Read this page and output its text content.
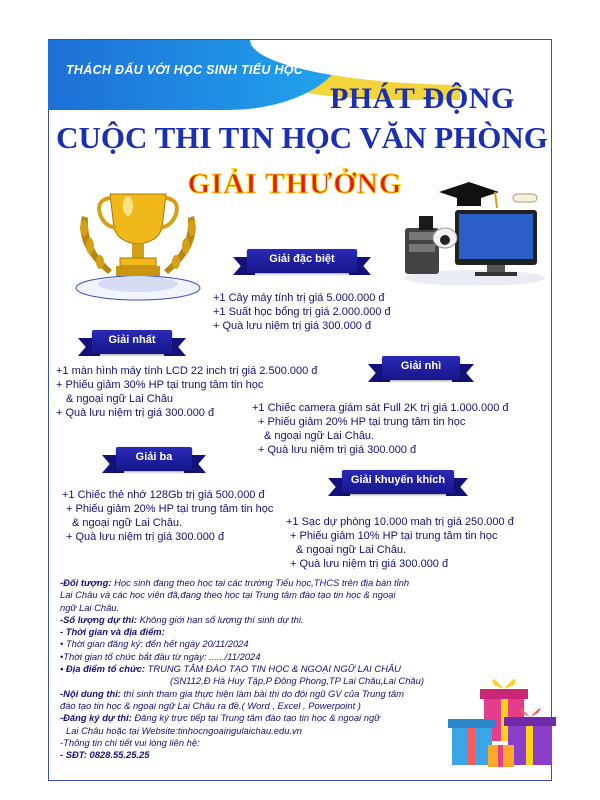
THÁCH ĐẤU VỚI HỌC SINH TIỂU HỌC
PHÁT ĐỘNG
CUỘC THI TIN HỌC VĂN PHÒNG
GIẢI THƯỞNG
Giải đặc biệt
+1 Cây máy tính trị giá 5.000.000 đ
+1 Suất học bổng trị giá 2.000.000 đ
+ Quà lưu niệm trị giá 300.000 đ
Giải nhất
+1 màn hình máy tính LCD 22 inch trị giá 2.500.000 đ
+ Phiếu giảm 30% HP tại trung tâm tin học
& ngoại ngữ Lai Châu
+ Quà lưu niệm trị giá 300.000 đ
Giải nhì
+1 Chiếc camera giám sát Full 2K trị giá 1.000.000 đ
+ Phiếu giảm 20% HP tại trung tâm tin học
& ngoại ngữ Lai Châu.
+ Quà lưu niệm trị giá 300.000 đ
Giải ba
+1 Chiếc thẻ nhớ 128Gb trị giá 500.000 đ
+ Phiếu giảm 20% HP tại trung tâm tin học
& ngoại ngữ Lai Châu.
+ Quà lưu niệm trị giá 300.000 đ
Giải khuyến khích
+1 Sạc dự phòng 10.000 mah trị giá 250.000 đ
+ Phiếu giảm 10% HP tại trung tâm tin học
& ngoại ngữ Lai Châu.
+ Quà lưu niệm trị giá 300.000 đ
-Đối tượng: Học sinh đang theo học tại các trường Tiểu học,THCS trên địa bàn tỉnh
Lai Châu và các học viên đã,đang theo học tại Trung tâm đào tạo tin học & ngoại
ngữ Lai Châu.
-Số lượng dự thi: Không giới hạn số lượng thí sinh dự thi.
- Thời gian và địa điểm:
• Thời gian đăng ký: đến hết ngày 20/11/2024
•Thời gian tổ chức bắt đầu từ ngày: ....../11/2024
• Địa điểm tổ chức: TRUNG TÂM ĐÀO TẠO TIN HỌC & NGOẠI NGỮ LAI CHÂU
(SN112,Đ Hà Huy Tập,P Đông Phong,TP Lai Châu,Lai Châu)
-Nội dung thi: thí sinh tham gia thực hiện làm bài thi do đội ngũ GV của Trung tâm
đào tạo tin học & ngoại ngữ Lai Châu ra đề.( Word , Excel , Powerpoint )
-Đăng ký dự thi: Đăng ký trực tiếp tại Trung tâm đào tạo tin học & ngoại ngữ
Lai Châu hoặc tại Website:tinhocngoaingulaichau.edu.vn
-Thông tin chi tiết vui lòng liên hệ:
- SĐT: 0828.55.25.25
